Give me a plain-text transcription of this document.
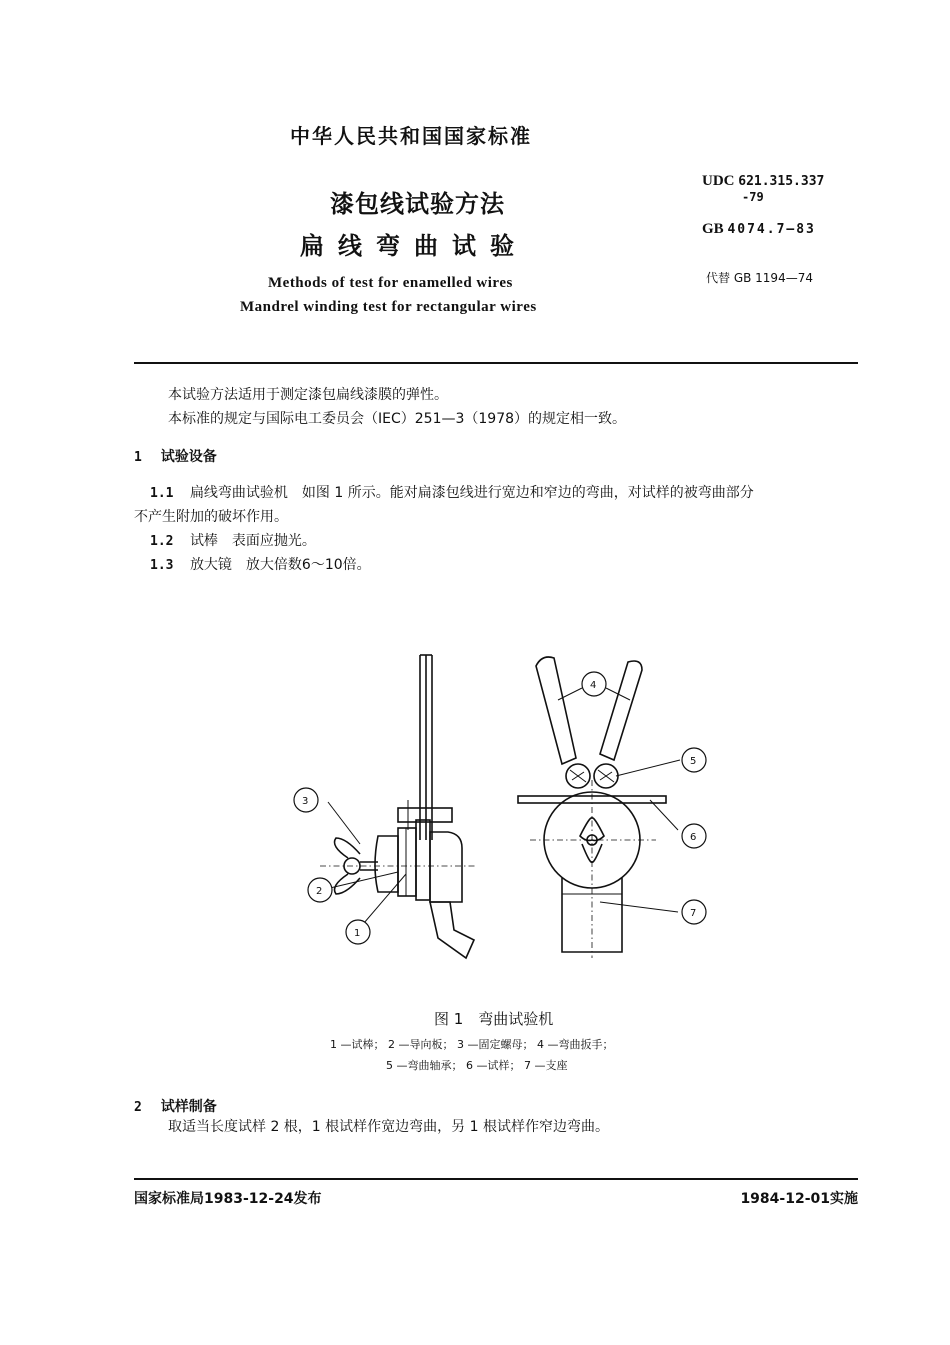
中华人民共和国国家标准
漆包线试验方法
扁线弯曲试验
Methods of test for enamelled wires
Mandrel winding test for rectangular wires
UDC 621.315.337
-79
GB 4074.7—83
代替 GB 1194—74
本试验方法适用于测定漆包扁线漆膜的弹性。
本标准的规定与国际电工委员会（IEC）251—3（1978）的规定相一致。
1 试验设备
1.1 扁线弯曲试验机　如图 1 所示。能对扁漆包线进行宽边和窄边的弯曲，对试样的被弯曲部分
不产生附加的破坏作用。
1.2 试棒　表面应抛光。
1.3 放大镜　放大倍数6～10倍。
1
2
3
4
5
6
7
图 1　弯曲试验机
1 —试棒； 2 —导向板； 3 —固定螺母； 4 —弯曲扳手；
5 —弯曲轴承； 6 —试样； 7 —支座
2 试样制备
取适当长度试样 2 根，1 根试样作宽边弯曲，另 1 根试样作窄边弯曲。
国家标准局1983-12-24发布	1984-12-01实施
